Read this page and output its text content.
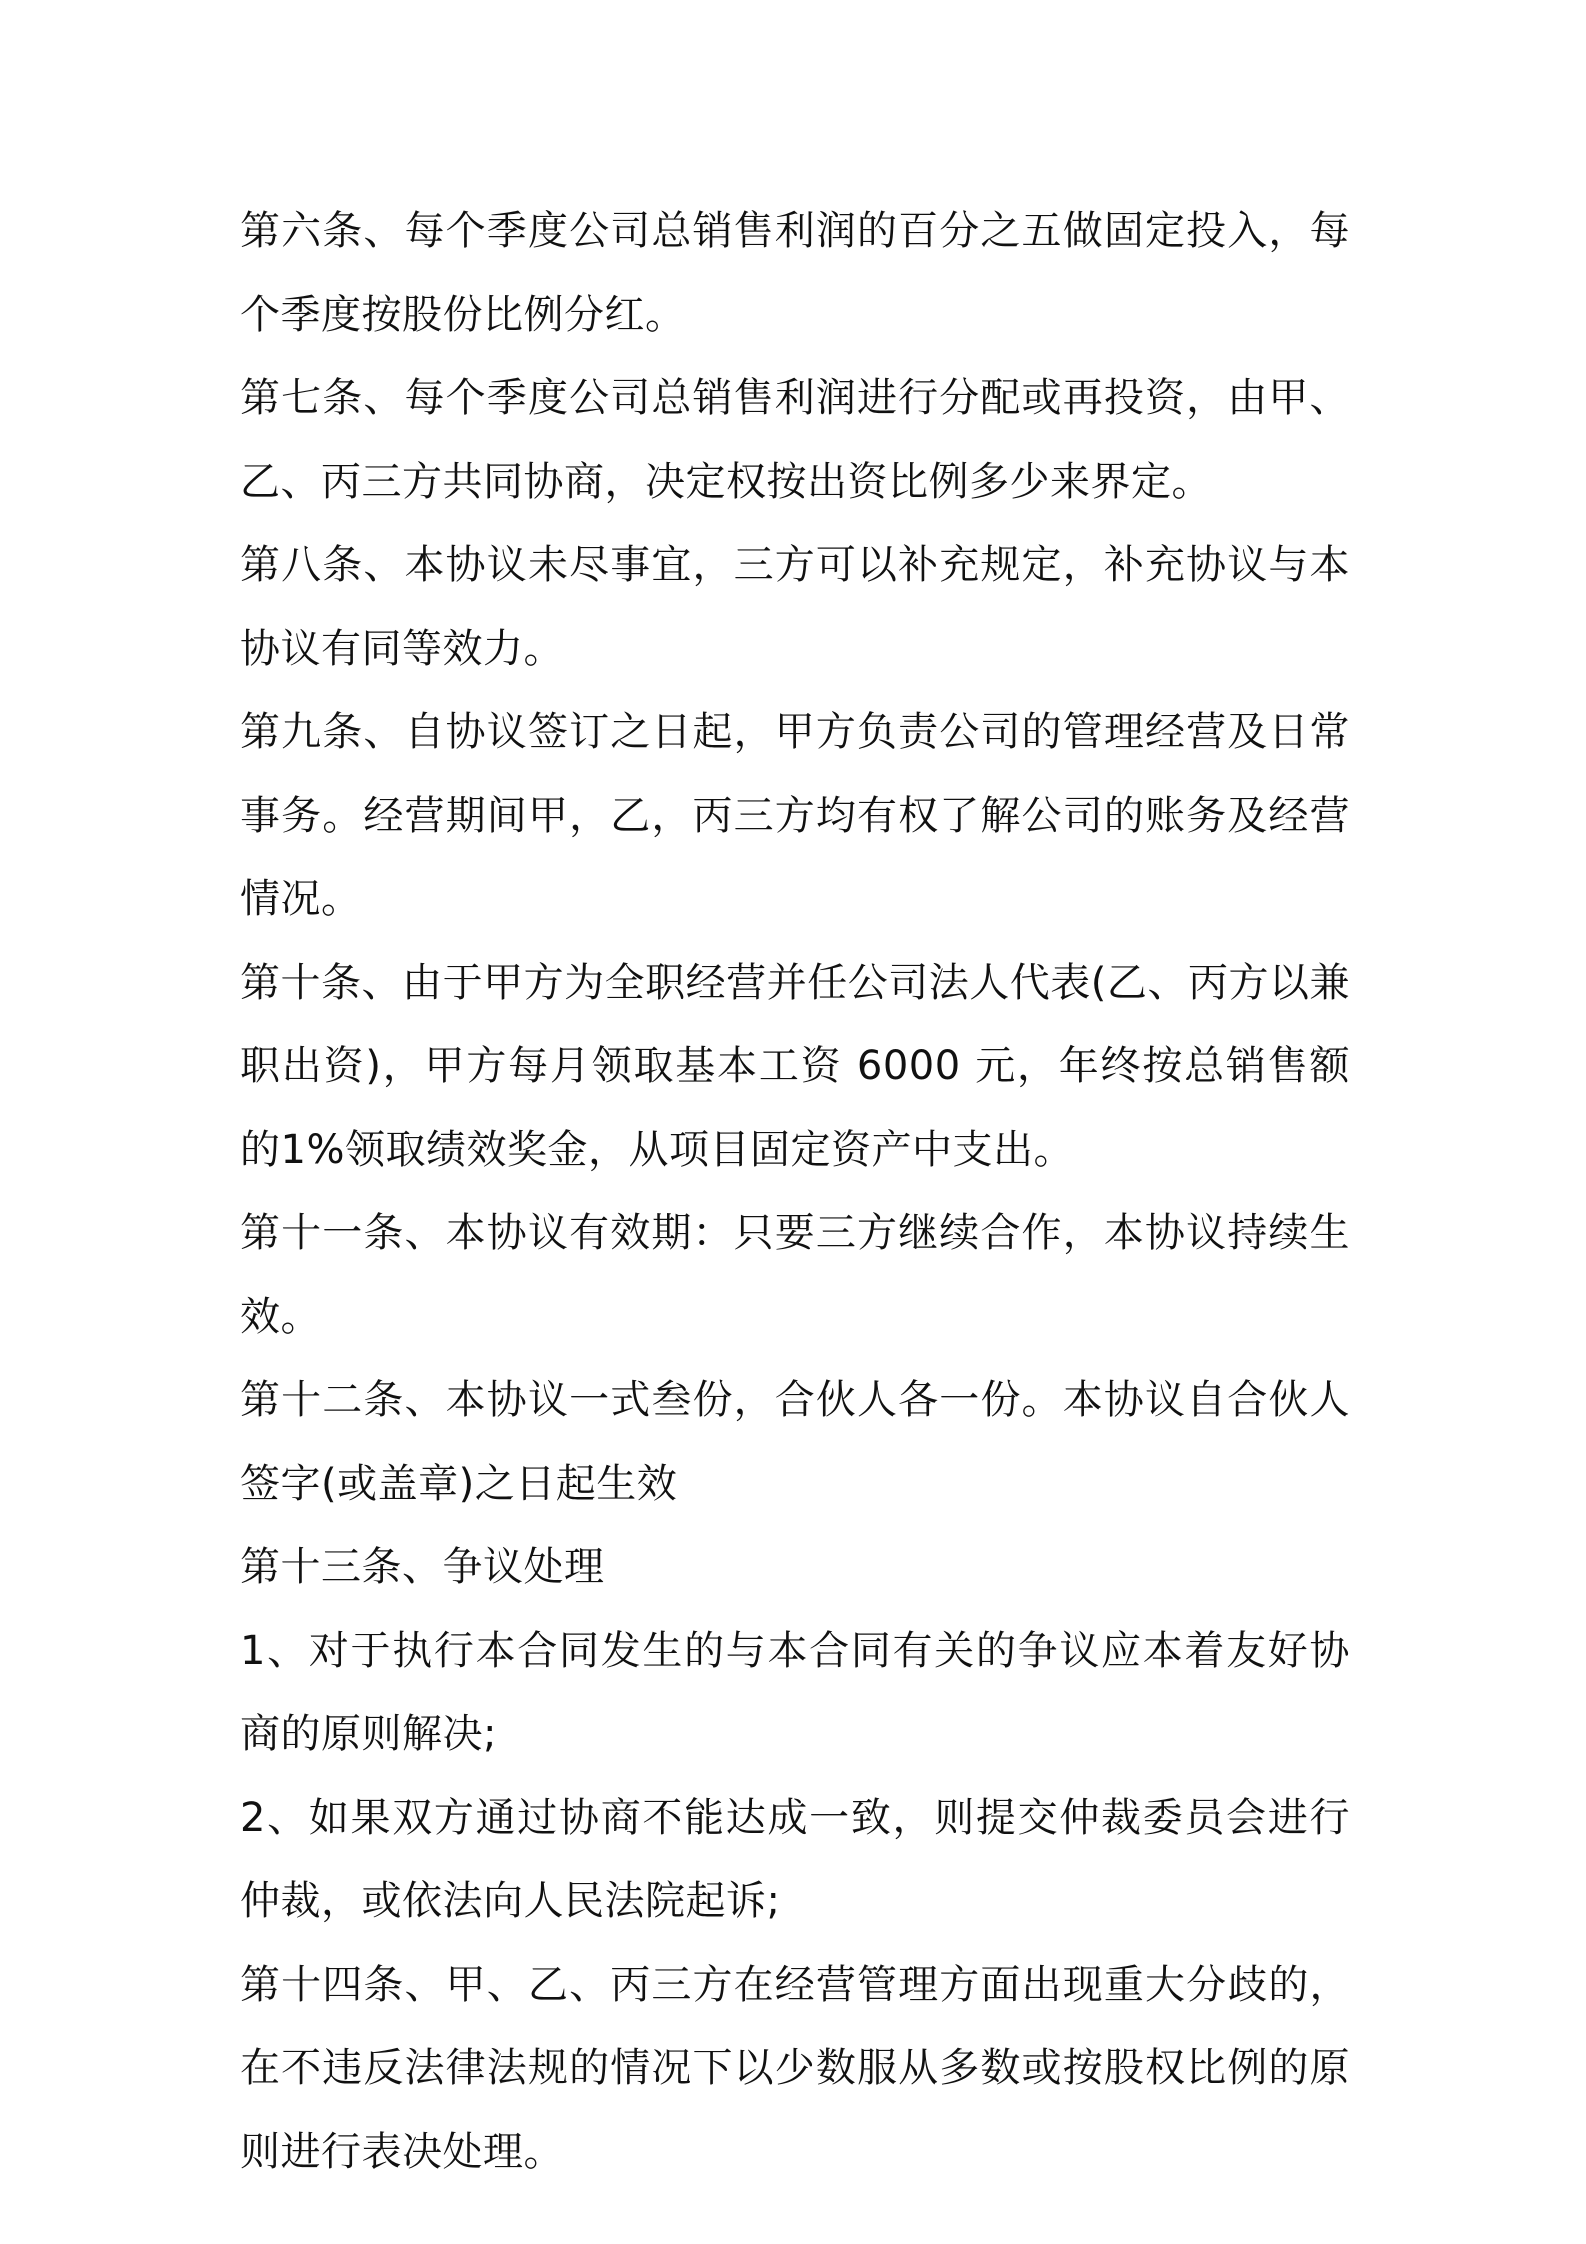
第六条、每个季度公司总销售利润的百分之五做固定投入，每个季度按股份比例分红。

第七条、每个季度公司总销售利润进行分配或再投资，由甲、乙、丙三方共同协商，决定权按出资比例多少来界定。

第八条、本协议未尽事宜，三方可以补充规定，补充协议与本协议有同等效力。

第九条、自协议签订之日起，甲方负责公司的管理经营及日常事务。经营期间甲，乙，丙三方均有权了解公司的账务及经营情况。

第十条、由于甲方为全职经营并任公司法人代表(乙、丙方以兼职出资)，甲方每月领取基本工资 6000 元，年终按总销售额的1%领取绩效奖金，从项目固定资产中支出。

第十一条、本协议有效期：只要三方继续合作，本协议持续生效。

第十二条、本协议一式叁份，合伙人各一份。本协议自合伙人签字(或盖章)之日起生效

第十三条、争议处理

1、对于执行本合同发生的与本合同有关的争议应本着友好协商的原则解决;

2、如果双方通过协商不能达成一致，则提交仲裁委员会进行仲裁，或依法向人民法院起诉;

第十四条、甲、乙、丙三方在经营管理方面出现重大分歧的，在不违反法律法规的情况下以少数服从多数或按股权比例的原则进行表决处理。
